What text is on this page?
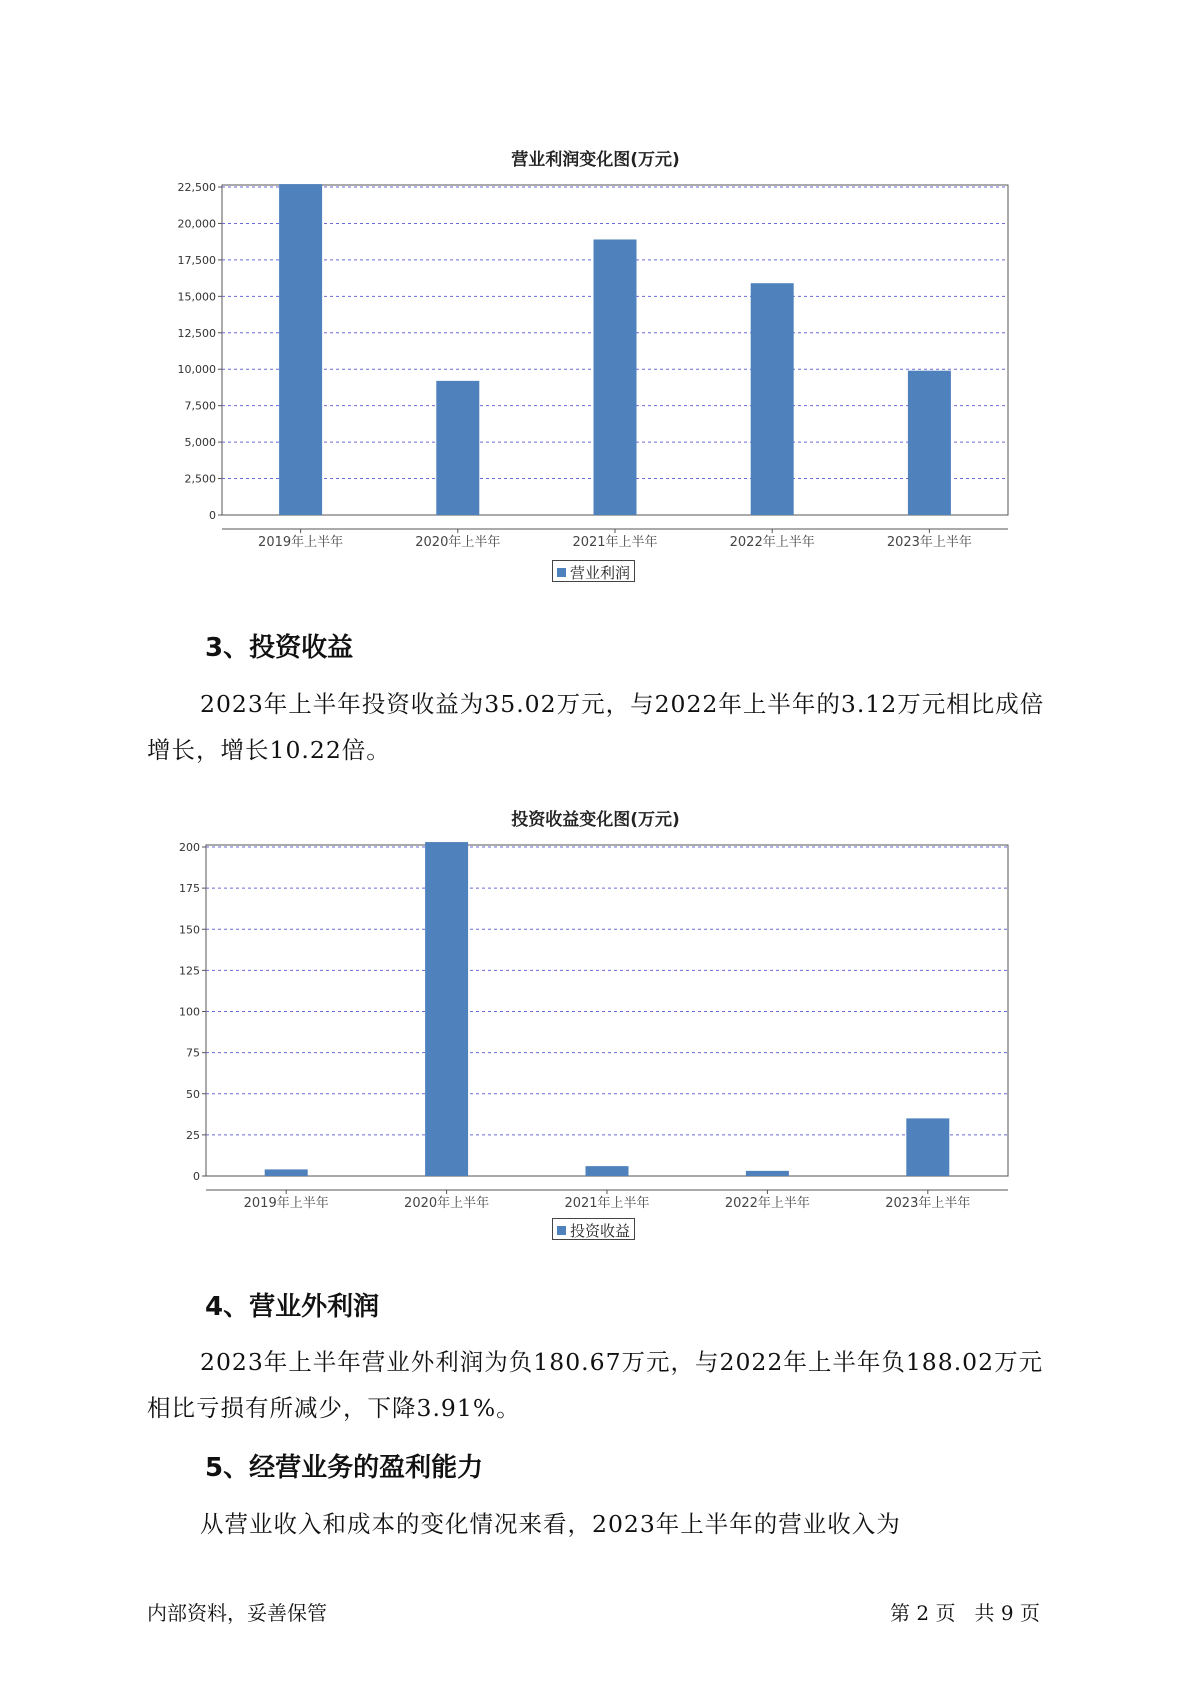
营业利润变化图(万元)
0
2,500
5,000
7,500
10,000
12,500
15,000
17,500
20,000
22,500
2019年上半年	2020年上半年	2021年上半年	2022年上半年	2023年上半年
营业利润
3、投资收益
2023年上半年投资收益为35.02万元，与2022年上半年的3.12万元相比成倍增长，增长10.22倍。
投资收益变化图(万元)
0
25
50
75
100
125
150
175
200
2019年上半年	2020年上半年	2021年上半年	2022年上半年	2023年上半年
投资收益
4、营业外利润
2023年上半年营业外利润为负180.67万元，与2022年上半年负188.02万元相比亏损有所减少，下降3.91%。
5、经营业务的盈利能力
从营业收入和成本的变化情况来看，2023年上半年的营业收入为
内部资料，妥善保管	第 2 页   共 9 页
